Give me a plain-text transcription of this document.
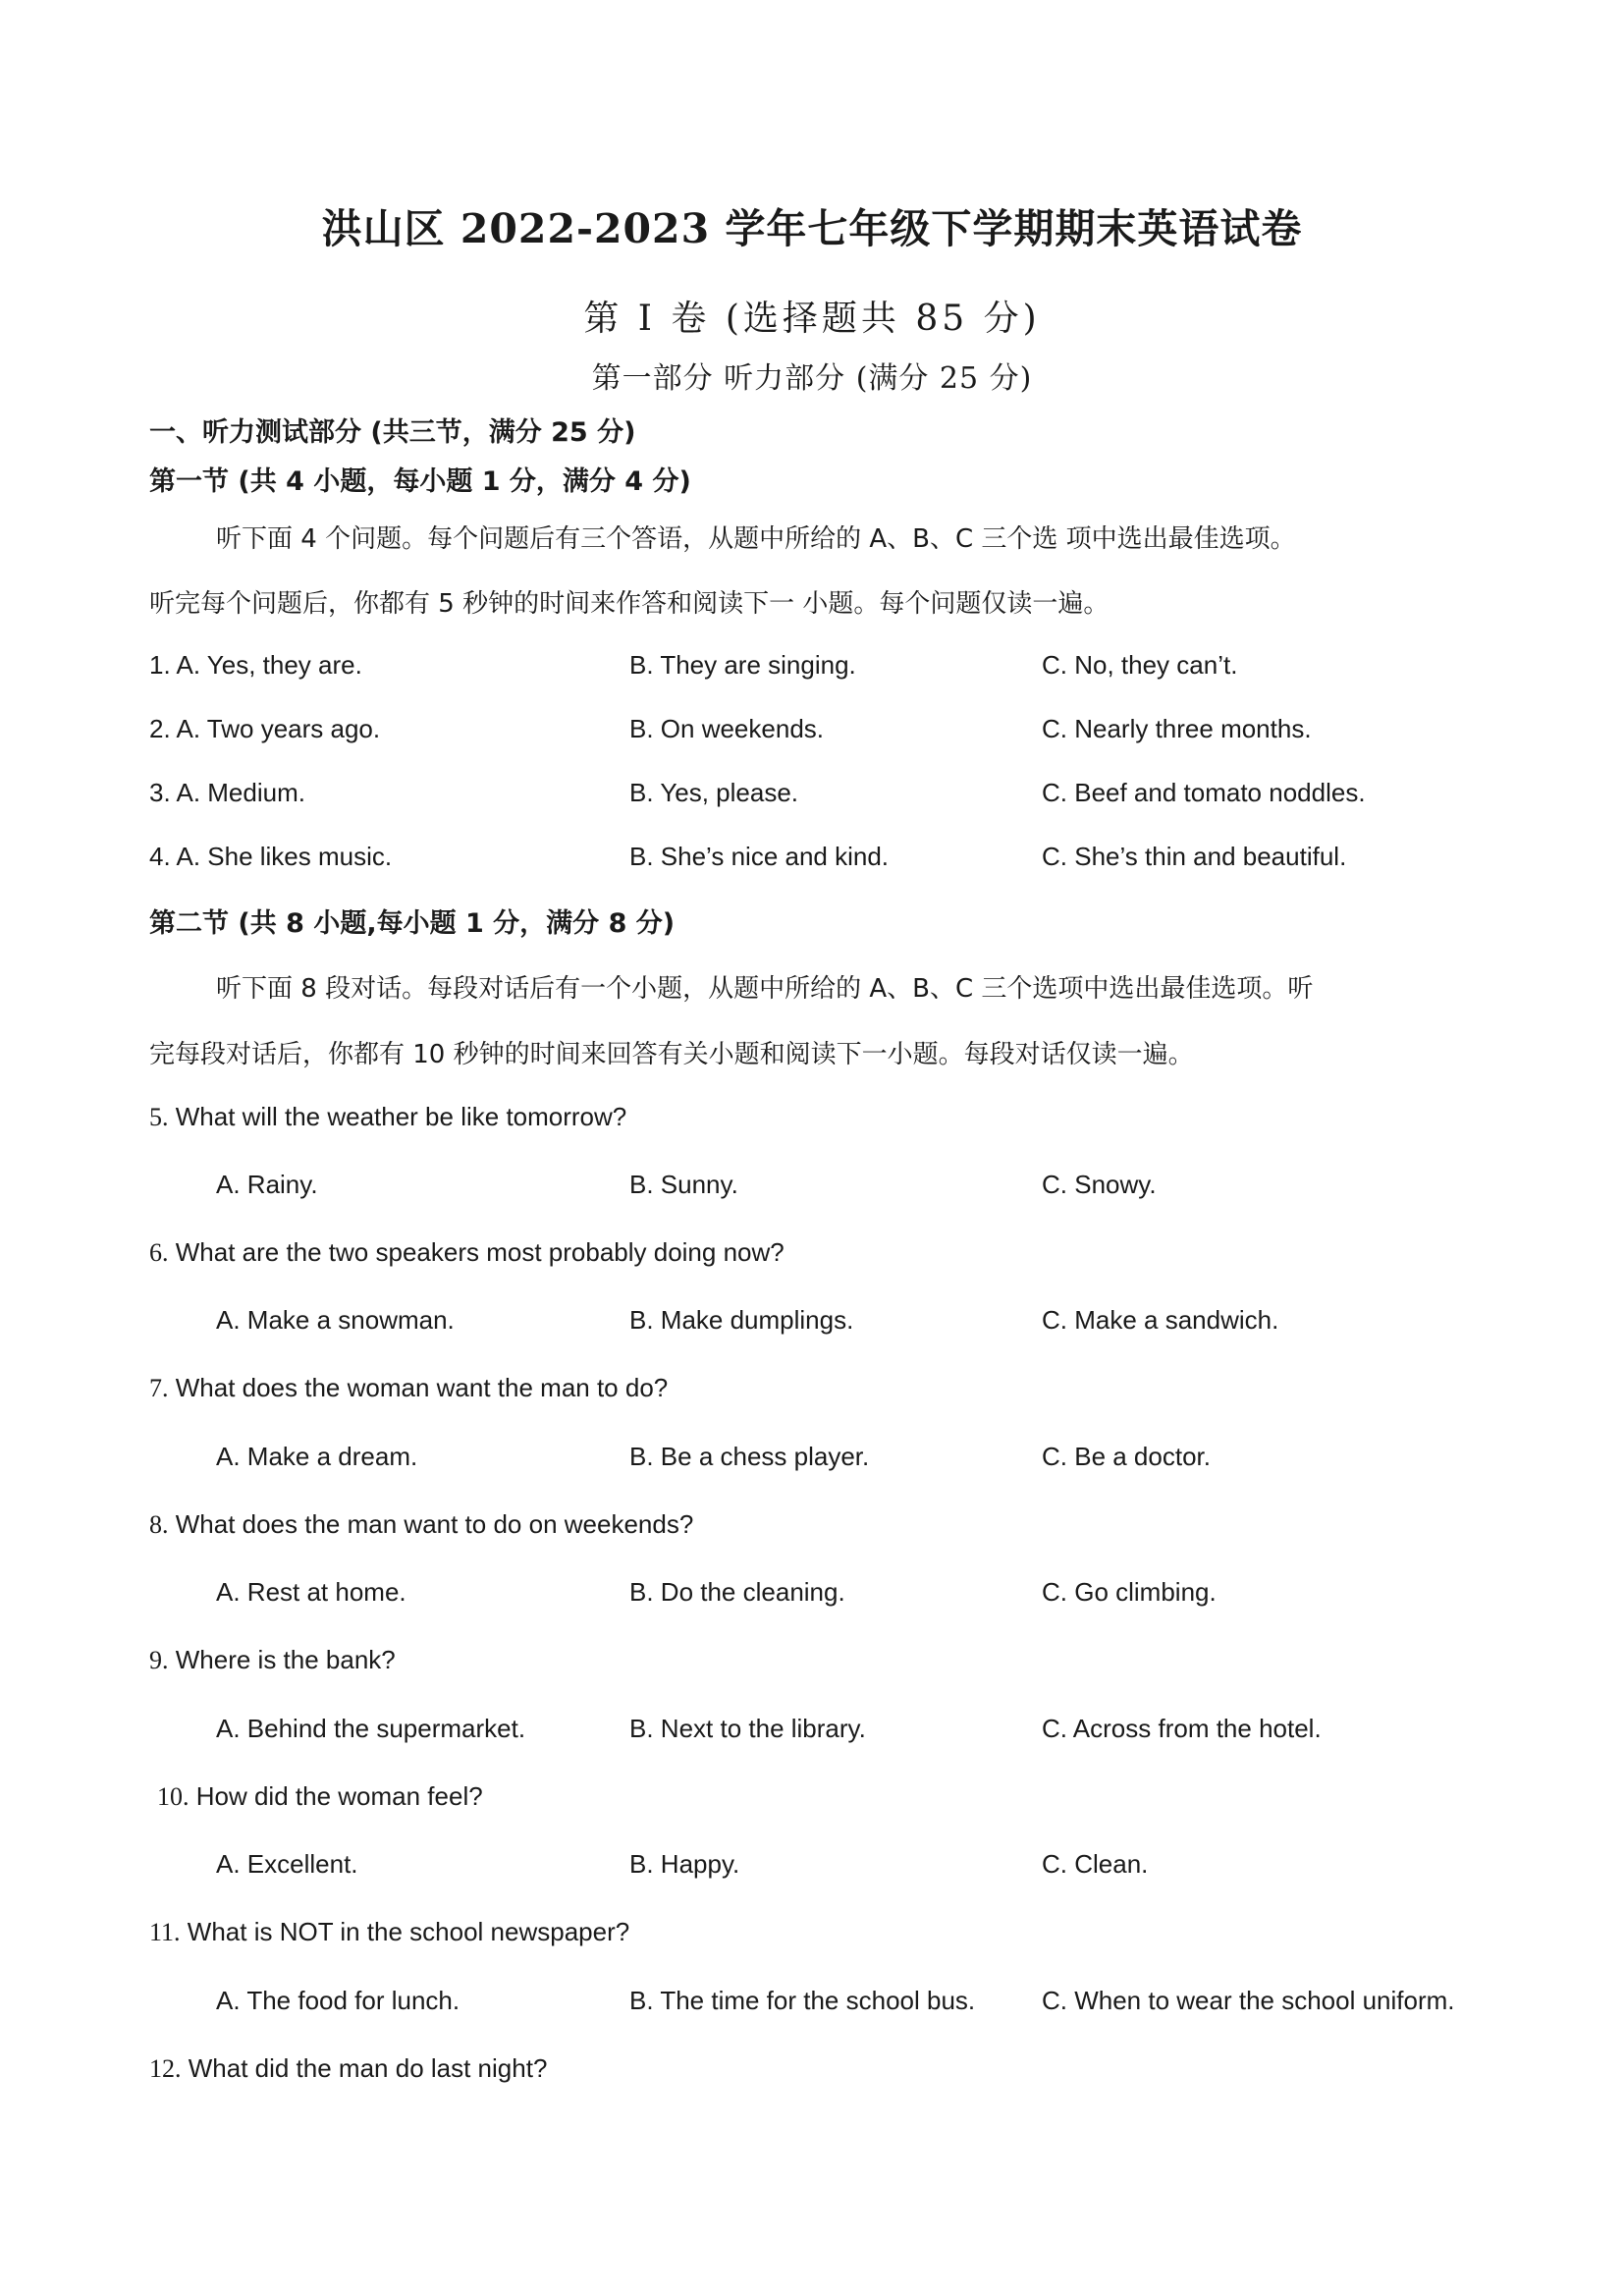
洪山区 2022-2023 学年七年级下学期期末英语试卷
第 Ⅰ 卷 (选择题共 85 分)
第一部分 听力部分 (满分 25 分)
一、听力测试部分 (共三节，满分 25 分)
第一节 (共 4 小题，每小题 1 分，满分 4 分)
听下面 4 个问题。每个问题后有三个答语，从题中所给的 A、B、C 三个选 项中选出最佳选项。
听完每个问题后，你都有 5 秒钟的时间来作答和阅读下一 小题。每个问题仅读一遍。
1. A. Yes, they are.	B. They are singing.	C. No, they can’t.
2. A. Two years ago.	B. On weekends.	C. Nearly three months.
3. A. Medium.	B. Yes, please.	C. Beef and tomato noddles.
4. A. She likes music.	B. She’s nice and kind.	C. She’s thin and beautiful.
第二节 (共 8 小题,每小题 1 分，满分 8 分)
听下面 8 段对话。每段对话后有一个小题，从题中所给的 A、B、C 三个选项中选出最佳选项。听
完每段对话后，你都有 10 秒钟的时间来回答有关小题和阅读下一小题。每段对话仅读一遍。
5. What will the weather be like tomorrow?
A. Rainy.	B. Sunny.	C. Snowy.
6. What are the two speakers most probably doing now?
A. Make a snowman.	B. Make dumplings.	C. Make a sandwich.
7. What does the woman want the man to do?
A. Make a dream.	B. Be a chess player.	C. Be a doctor.
8. What does the man want to do on weekends?
A. Rest at home.	B. Do the cleaning.	C. Go climbing.
9. Where is the bank?
A. Behind the supermarket.	B. Next to the library.	C. Across from the hotel.
10. How did the woman feel?
A. Excellent.	B. Happy.	C. Clean.
11. What is NOT in the school newspaper?
A. The food for lunch.	B. The time for the school bus.	C. When to wear the school uniform.
12. What did the man do last night?
